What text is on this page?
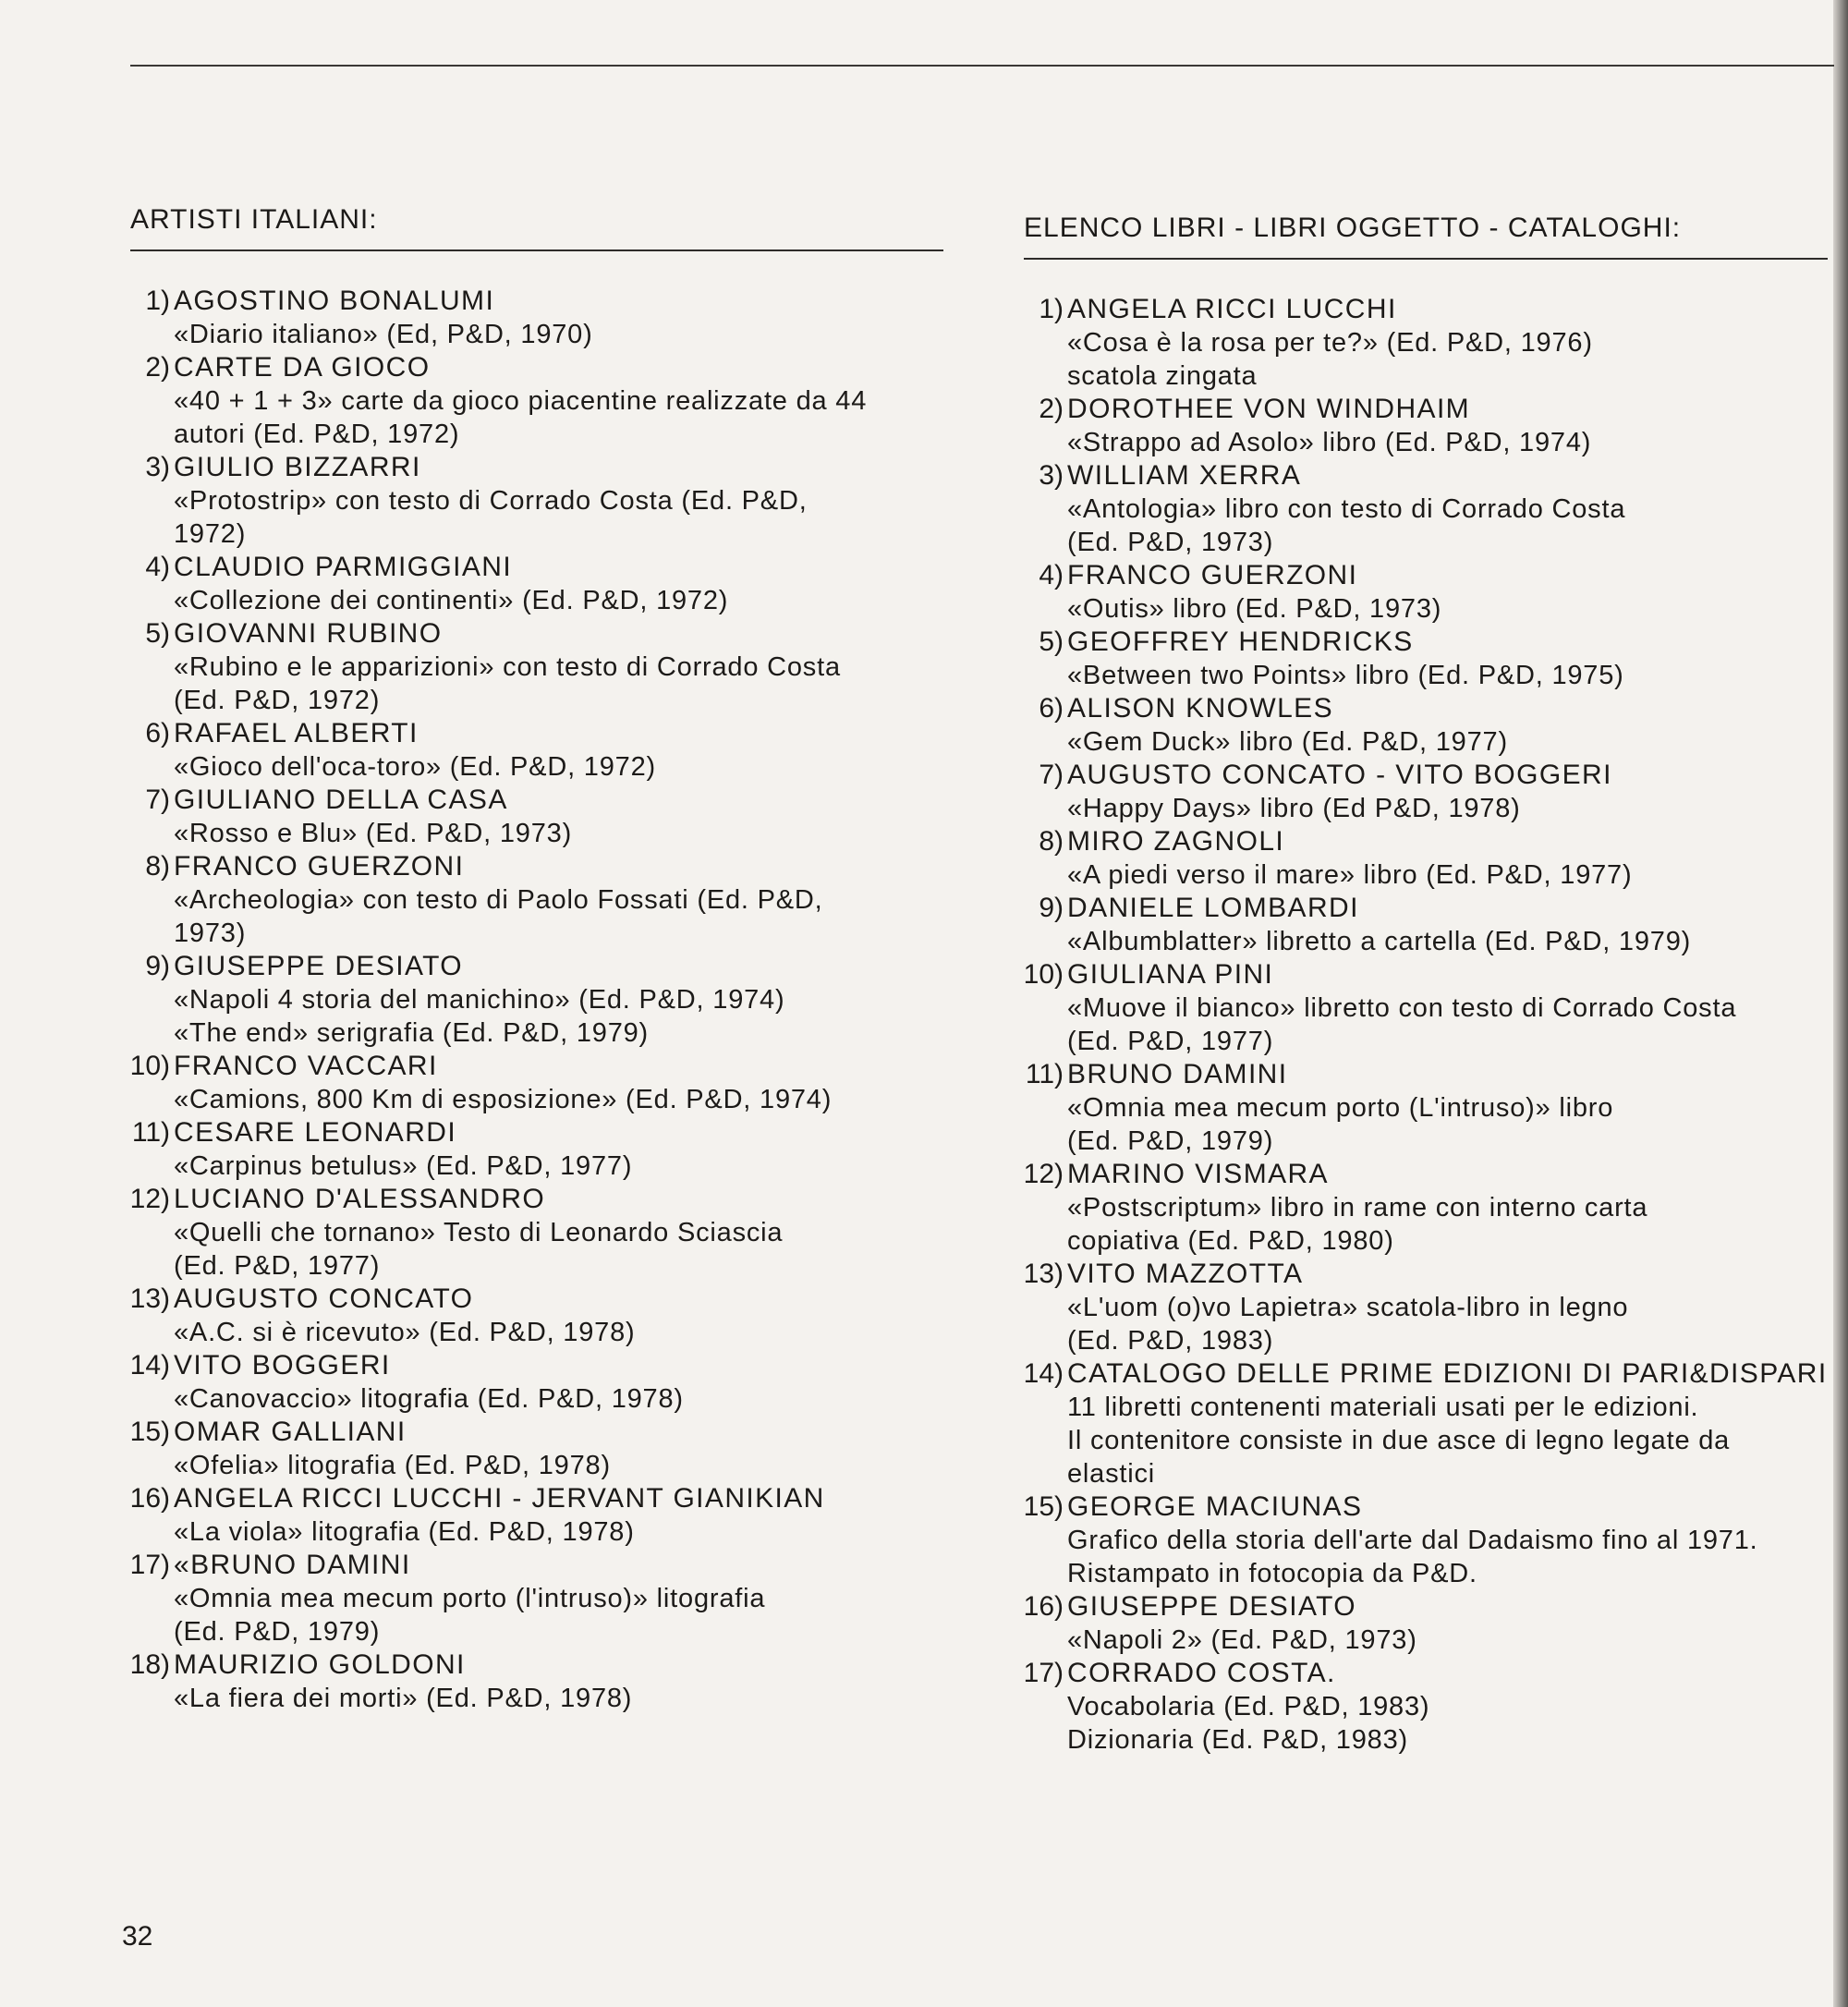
ARTISTI ITALIANI:
1) AGOSTINO BONALUMI
«Diario italiano» (Ed, P&D, 1970)
2) CARTE DA GIOCO
«40 + 1 + 3» carte da gioco piacentine realizzate da 44
autori (Ed. P&D, 1972)
3) GIULIO BIZZARRI
«Protostrip» con testo di Corrado Costa (Ed. P&D,
1972)
4) CLAUDIO PARMIGGIANI
«Collezione dei continenti» (Ed. P&D, 1972)
5) GIOVANNI RUBINO
«Rubino e le apparizioni» con testo di Corrado Costa
(Ed. P&D, 1972)
6) RAFAEL ALBERTI
«Gioco dell'oca-toro» (Ed. P&D, 1972)
7) GIULIANO DELLA CASA
«Rosso e Blu» (Ed. P&D, 1973)
8) FRANCO GUERZONI
«Archeologia» con testo di Paolo Fossati (Ed. P&D,
1973)
9) GIUSEPPE DESIATO
«Napoli 4 storia del manichino» (Ed. P&D, 1974)
«The end» serigrafia (Ed. P&D, 1979)
10) FRANCO VACCARI
«Camions, 800 Km di esposizione» (Ed. P&D, 1974)
11) CESARE LEONARDI
«Carpinus betulus» (Ed. P&D, 1977)
12) LUCIANO D'ALESSANDRO
«Quelli che tornano» Testo di Leonardo Sciascia
(Ed. P&D, 1977)
13) AUGUSTO CONCATO
«A.C. si è ricevuto» (Ed. P&D, 1978)
14) VITO BOGGERI
«Canovaccio» litografia (Ed. P&D, 1978)
15) OMAR GALLIANI
«Ofelia» litografia (Ed. P&D, 1978)
16) ANGELA RICCI LUCCHI - JERVANT GIANIKIAN
«La viola» litografia (Ed. P&D, 1978)
17) «BRUNO DAMINI
«Omnia mea mecum porto (l'intruso)» litografia
(Ed. P&D, 1979)
18) MAURIZIO GOLDONI
«La fiera dei morti» (Ed. P&D, 1978)
ELENCO LIBRI - LIBRI OGGETTO - CATALOGHI:
1) ANGELA RICCI LUCCHI
«Cosa è la rosa per te?» (Ed. P&D, 1976)
scatola zingata
2) DOROTHEE VON WINDHAIM
«Strappo ad Asolo» libro (Ed. P&D, 1974)
3) WILLIAM XERRA
«Antologia» libro con testo di Corrado Costa
(Ed. P&D, 1973)
4) FRANCO GUERZONI
«Outis» libro (Ed. P&D, 1973)
5) GEOFFREY HENDRICKS
«Between two Points» libro (Ed. P&D, 1975)
6) ALISON KNOWLES
«Gem Duck» libro (Ed. P&D, 1977)
7) AUGUSTO CONCATO - VITO BOGGERI
«Happy Days» libro (Ed P&D, 1978)
8) MIRO ZAGNOLI
«A piedi verso il mare» libro (Ed. P&D, 1977)
9) DANIELE LOMBARDI
«Albumblatter» libretto a cartella (Ed. P&D, 1979)
10) GIULIANA PINI
«Muove il bianco» libretto con testo di Corrado Costa
(Ed. P&D, 1977)
11) BRUNO DAMINI
«Omnia mea mecum porto (L'intruso)» libro
(Ed. P&D, 1979)
12) MARINO VISMARA
«Postscriptum» libro in rame con interno carta
copiativa (Ed. P&D, 1980)
13) VITO MAZZOTTA
«L'uom (o)vo Lapietra» scatola-libro in legno
(Ed. P&D, 1983)
14) CATALOGO DELLE PRIME EDIZIONI DI PARI&DISPARI
11 libretti contenenti materiali usati per le edizioni.
Il contenitore consiste in due asce di legno legate da
elastici
15) GEORGE MACIUNAS
Grafico della storia dell'arte dal Dadaismo fino al 1971.
Ristampato in fotocopia da P&D.
16) GIUSEPPE DESIATO
«Napoli 2» (Ed. P&D, 1973)
17) CORRADO COSTA.
Vocabolaria (Ed. P&D, 1983)
Dizionaria (Ed. P&D, 1983)
32
